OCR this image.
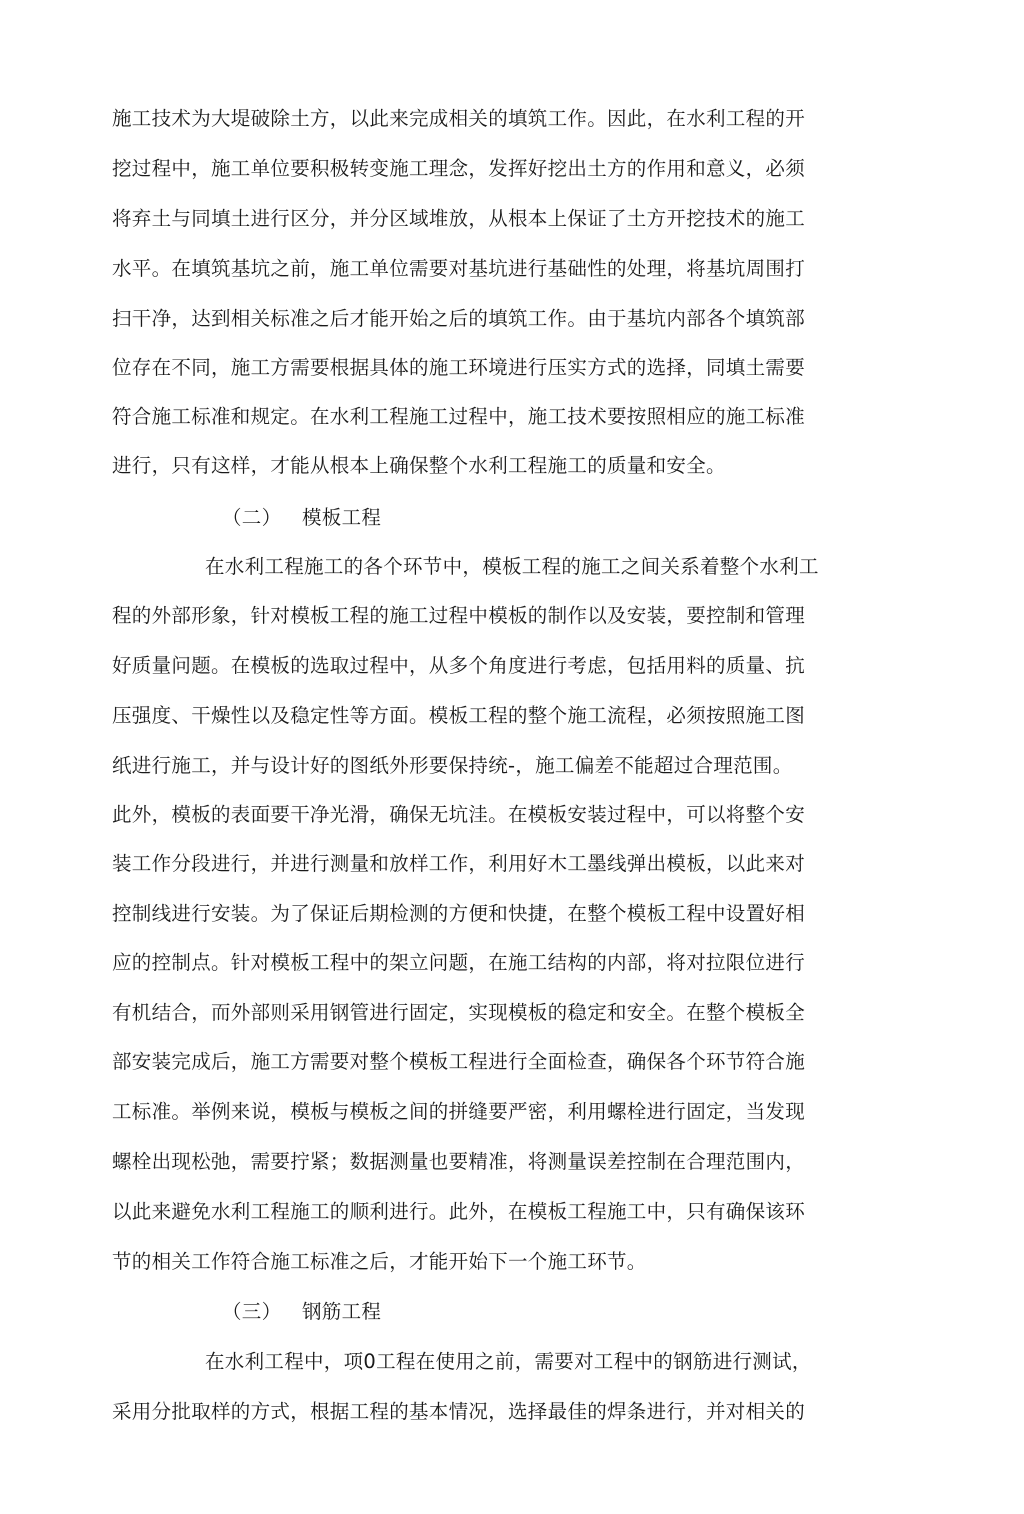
施工技术为大堤破除土方，以此来完成相关的填筑工作。因此，在水利工程的开
挖过程中，施工单位要积极转变施工理念，发挥好挖出土方的作用和意义，必须
将弃土与同填土进行区分，并分区域堆放，从根本上保证了土方开挖技术的施工
水平。在填筑基坑之前，施工单位需要对基坑进行基础性的处理，将基坑周围打
扫干净，达到相关标准之后才能开始之后的填筑工作。由于基坑内部各个填筑部
位存在不同，施工方需要根据具体的施工环境进行压实方式的选择，同填土需要
符合施工标准和规定。在水利工程施工过程中，施工技术要按照相应的施工标准
进行，只有这样，才能从根本上确保整个水利工程施工的质量和安全。
（二） 模板工程
在水利工程施工的各个环节中，模板工程的施工之间关系着整个水利工
程的外部形象，针对模板工程的施工过程中模板的制作以及安装，要控制和管理
好质量问题。在模板的选取过程中，从多个角度进行考虑，包括用料的质量、抗
压强度、干燥性以及稳定性等方面。模板工程的整个施工流程，必须按照施工图
纸进行施工，并与设计好的图纸外形要保持统-，施工偏差不能超过合理范围。
此外，模板的表面要干净光滑，确保无坑洼。在模板安装过程中，可以将整个安
装工作分段进行，并进行测量和放样工作，利用好木工墨线弹出模板，以此来对
控制线进行安装。为了保证后期检测的方便和快捷，在整个模板工程中设置好相
应的控制点。针对模板工程中的架立问题，在施工结构的内部，将对拉限位进行
有机结合，而外部则采用钢管进行固定，实现模板的稳定和安全。在整个模板全
部安装完成后，施工方需要对整个模板工程进行全面检查，确保各个环节符合施
工标准。举例来说，模板与模板之间的拼缝要严密，利用螺栓进行固定，当发现
螺栓出现松弛，需要拧紧；数据测量也要精准，将测量误差控制在合理范围内，
以此来避免水利工程施工的顺利进行。此外，在模板工程施工中，只有确保该环
节的相关工作符合施工标准之后，才能开始下一个施工环节。
（三） 钢筋工程
在水利工程中，项0工程在使用之前，需要对工程中的钢筋进行测试，
采用分批取样的方式，根据工程的基本情况，选择最佳的焊条进行，并对相关的
